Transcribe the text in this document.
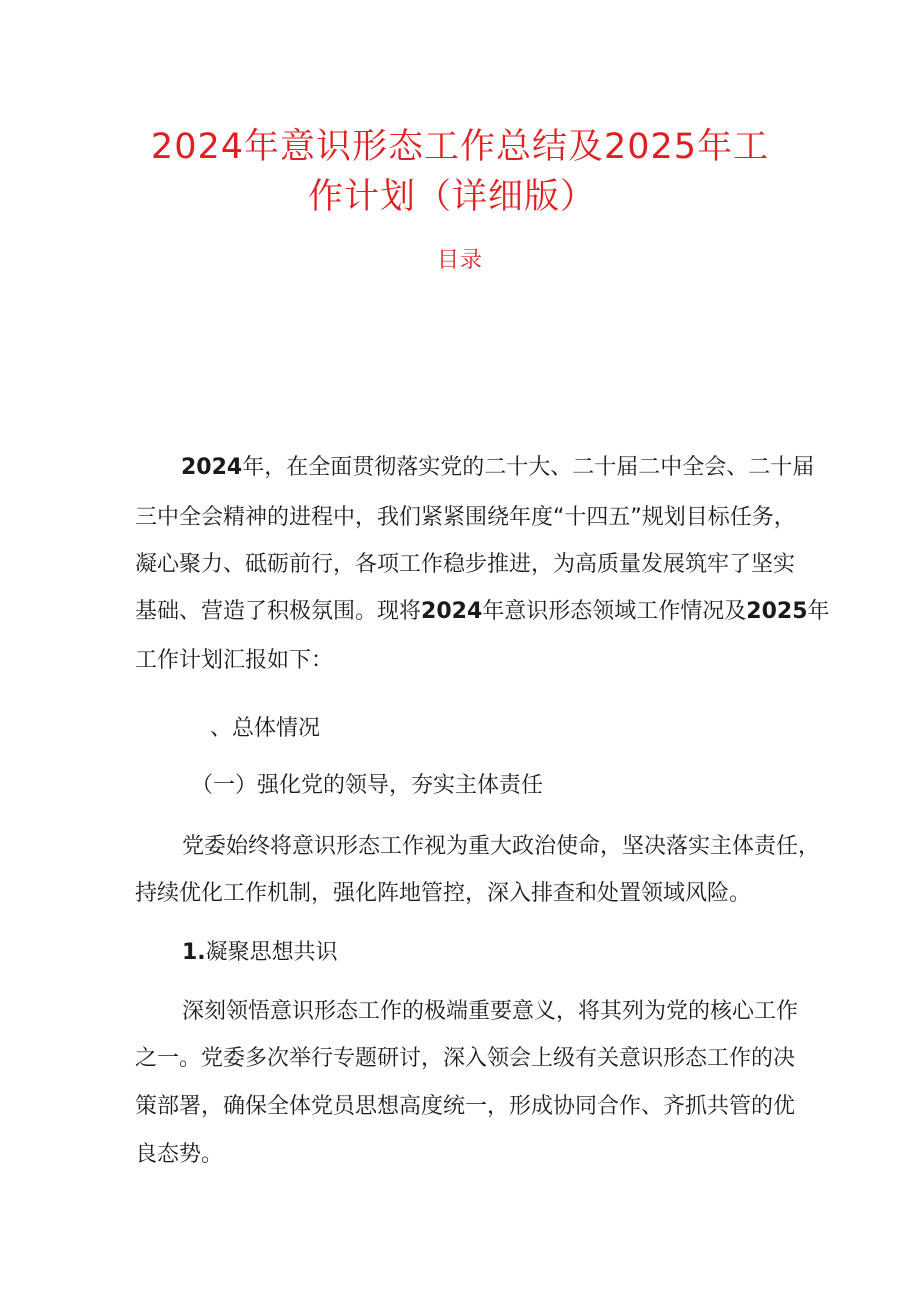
2024年意识形态工作总结及2025年工
作计划（详细版）
目录
2024年，在全面贯彻落实党的二十大、二十届二中全会、二十届
三中全会精神的进程中，我们紧紧围绕年度“十四五”规划目标任务，
凝心聚力、砥砺前行，各项工作稳步推进，为高质量发展筑牢了坚实
基础、营造了积极氛围。现将2024年意识形态领域工作情况及2025年
工作计划汇报如下：
、总体情况
（一）强化党的领导，夯实主体责任
党委始终将意识形态工作视为重大政治使命，坚决落实主体责任，
持续优化工作机制，强化阵地管控，深入排查和处置领域风险。
1.凝聚思想共识
深刻领悟意识形态工作的极端重要意义，将其列为党的核心工作
之一。党委多次举行专题研讨，深入领会上级有关意识形态工作的决
策部署，确保全体党员思想高度统一，形成协同合作、齐抓共管的优
良态势。
